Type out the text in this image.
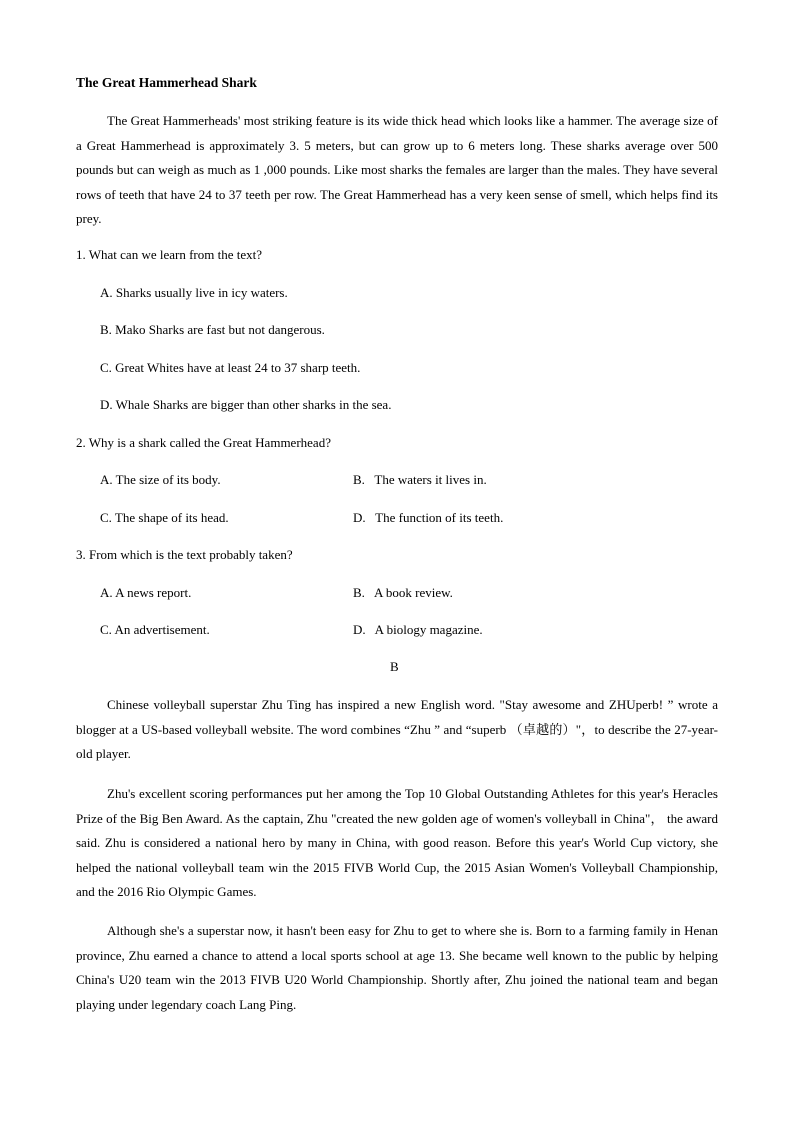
The Great Hammerhead Shark

The Great Hammerheads' most striking feature is its wide thick head which looks like a hammer. The average size of a Great Hammerhead is approximately 3. 5 meters, but can grow up to 6 meters long. These sharks average over 500 pounds but can weigh as much as 1 ,000 pounds. Like most sharks the females are larger than the males. They have several rows of teeth that have 24 to 37 teeth per row. The Great Hammerhead has a very keen sense of smell, which helps find its prey.

1. What can we learn from the text?
A. Sharks usually live in icy waters.
B. Mako Sharks are fast but not dangerous.
C. Great Whites have at least 24 to 37 sharp teeth.
D. Whale Sharks are bigger than other sharks in the sea.
2. Why is a shark called the Great Hammerhead?
A. The size of its body.	B.   The waters it lives in.
C. The shape of its head.	D.   The function of its teeth.
3. From which is the text probably taken?
A. A news report.	B.   A book review.
C. An advertisement.	D.   A biology magazine.
B

Chinese volleyball superstar Zhu Ting has inspired a new English word. "Stay awesome and ZHUperb! ” wrote a blogger at a US-based volleyball website. The word combines “Zhu ” and “superb （卓越的）"，to describe the 27-year-old player.

Zhu's excellent scoring performances put her among the Top 10 Global Outstanding Athletes for this year's Heracles Prize of the Big Ben Award. As the captain, Zhu "created the new golden age of women's volleyball in China"， the award said. Zhu is considered a national hero by many in China, with good reason. Before this year's World Cup victory, she helped the national volleyball team win the 2015 FIVB World Cup, the 2015 Asian Women's Volleyball Championship, and the 2016 Rio Olympic Games.

Although she's a superstar now, it hasn't been easy for Zhu to get to where she is. Born to a farming family in Henan province, Zhu earned a chance to attend a local sports school at age 13. She became well known to the public by helping China's U20 team win the 2013 FIVB U20 World Championship. Shortly after, Zhu joined the national team and began playing under legendary coach Lang Ping.
